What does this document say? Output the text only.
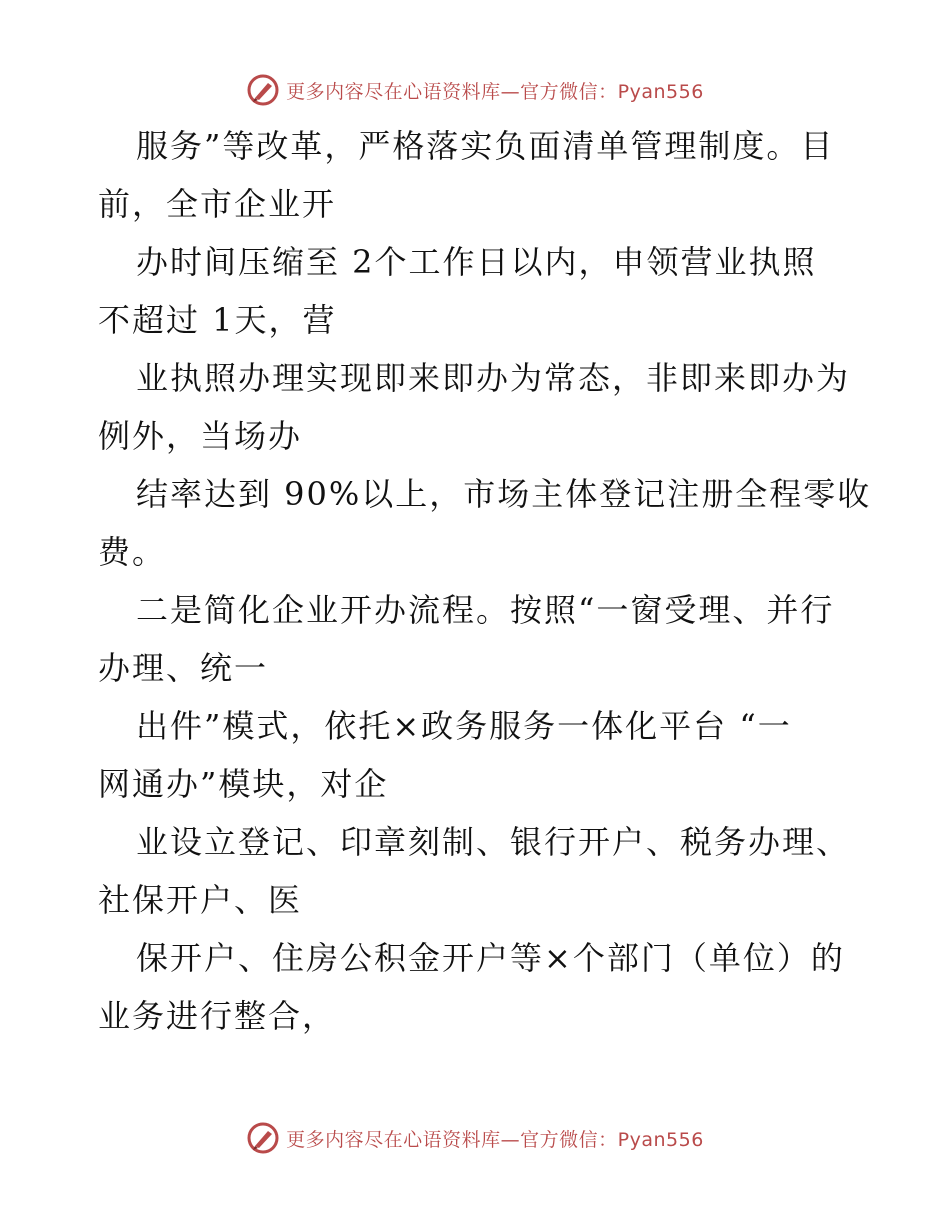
更多内容尽在心语资料库—官方微信：Pyan556
服务”等改革，严格落实负面清单管理制度。目
前，全市企业开
办时间压缩至 2个工作日以内，申领营业执照
不超过 1天，营
业执照办理实现即来即办为常态，非即来即办为
例外，当场办
结率达到 90%以上，市场主体登记注册全程零收
费。
二是简化企业开办流程。按照“一窗受理、并行
办理、统一
出件”模式，依托×政务服务一体化平台 “一
网通办”模块，对企
业设立登记、印章刻制、银行开户、税务办理、
社保开户、医
保开户、住房公积金开户等×个部门（单位）的
业务进行整合，
更多内容尽在心语资料库—官方微信：Pyan556
